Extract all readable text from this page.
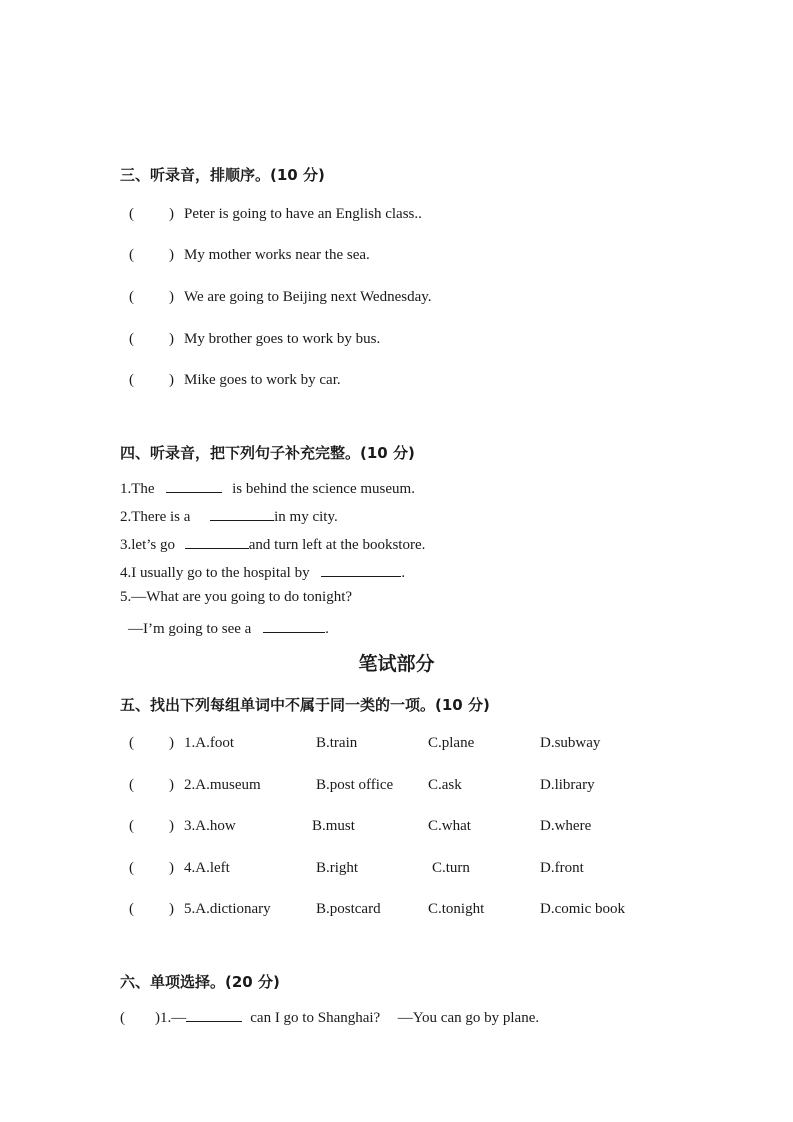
三、听录音，排顺序。(10 分)
( ) Peter is going to have an English class..
( ) My mother works near the sea.
( ) We are going to Beijing next Wednesday.
( ) My brother goes to work by bus.
( ) Mike goes to work by car.
四、听录音，把下列句子补充完整。(10 分)
1.The	is behind the science museum.
2.There is a	in my city.
3.let’s go	and turn left at the bookstore.
4.I usually go to the hospital by	.
5.—What are you going to do tonight?
—I’m going to see a	.
笔试部分
五、找出下列每组单词中不属于同一类的一项。(10 分)
( ) 1.A.foot	B.train	C.plane	D.subway
( ) 2.A.museum	B.post office C.ask	D.library
( ) 3.A.how	B.must	C.what	D.where
( ) 4.A.left	B.right	C.turn	D.front
( ) 5.A.dictionary	B.postcard	C.tonight	D.comic book
六、单项选择。(20 分)
(        )1.—	can I go to Shanghai? —You can go by plane.
